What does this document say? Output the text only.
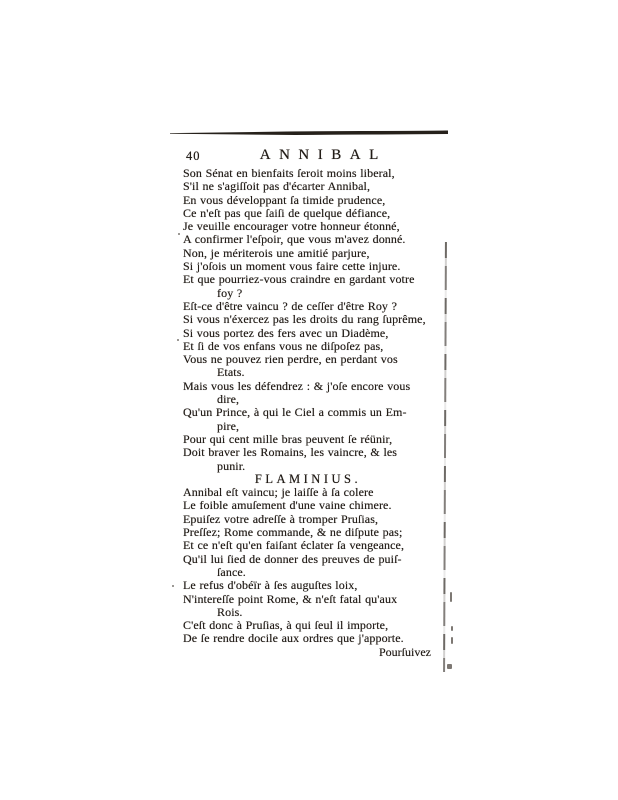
40	ANNIBAL
Son Sénat en bienfaits ſeroit moins liberal,
S'il ne s'agiſſoit pas d'écarter Annibal,
En vous développant ſa timide prudence,
Ce n'eſt pas que ſaiſi de quelque défiance,
Je veuille encourager votre honneur étonné,
A confirmer l'eſpoir, que vous m'avez donné.
Non, je mériterois une amitié parjure,
Si j'oſois un moment vous faire cette injure.
Et que pourriez-vous craindre en gardant votre
foy ?
Eſt-ce d'être vaincu ? de ceſſer d'être Roy ?
Si vous n'éxercez pas les droits du rang ſuprême,
Si vous portez des fers avec un Diadème,
Et ſi de vos enfans vous ne diſpoſez pas,
Vous ne pouvez rien perdre, en perdant vos
Etats.
Mais vous les défendrez : & j'oſe encore vous
dire,
Qu'un Prince, à qui le Ciel a commis un Em-
pire,
Pour qui cent mille bras peuvent ſe réünir,
Doit braver les Romains, les vaincre, & les
punir.
FLAMINIUS.
Annibal eſt vaincu; je laiſſe à ſa colere
Le foible amuſement d'une vaine chimere.
Epuiſez votre adreſſe à tromper Pruſias,
Preſſez; Rome commande, & ne diſpute pas;
Et ce n'eſt qu'en faiſant éclater ſa vengeance,
Qu'il lui ſied de donner des preuves de puiſ-
ſance.
Le refus d'obéïr à ſes auguſtes loix,
N'intereſſe point Rome, & n'eſt fatal qu'aux
Rois.
C'eſt donc à Pruſias, à qui ſeul il importe,
De ſe rendre docile aux ordres que j'apporte.
Pourſuivez
